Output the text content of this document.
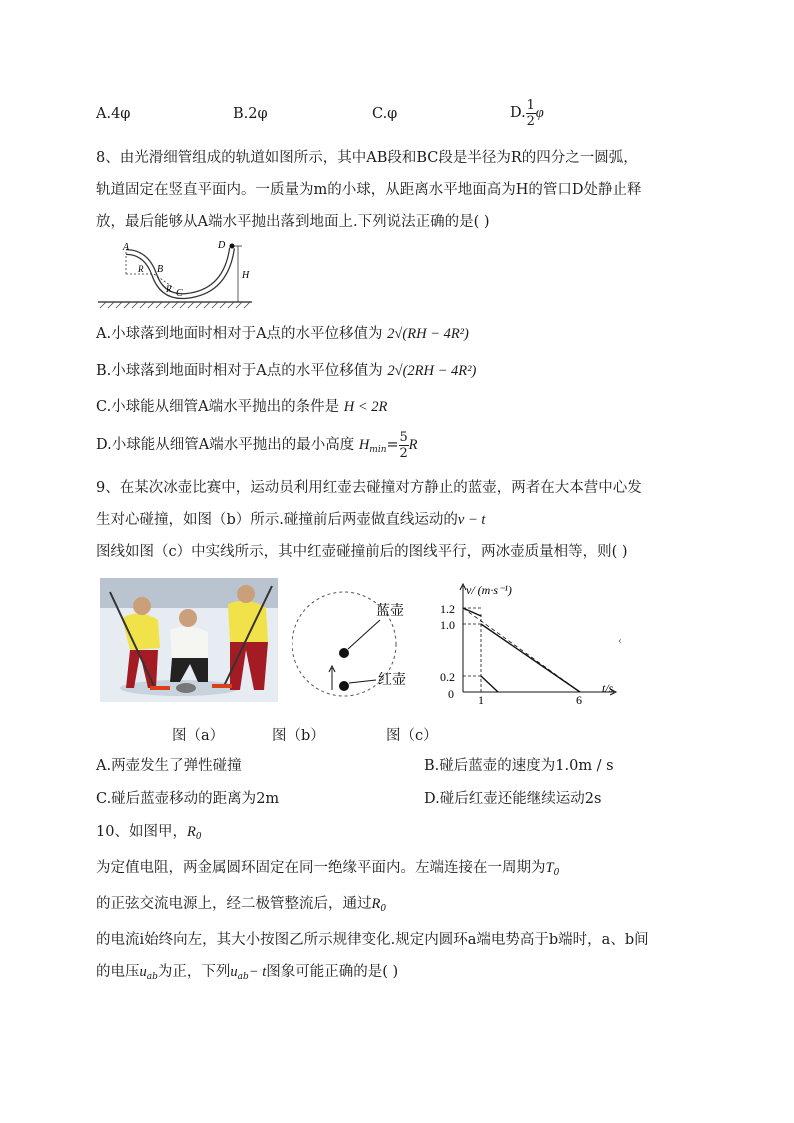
A.4φ	B.2φ	C.φ	D. $\frac{1}{2}$ φ
8、由光滑细管组成的轨道如图所示，其中AB段和BC段是半径为R的四分之一圆弧，
轨道固定在竖直平面内。一质量为m的小球，从距离水平地面高为H的管口D处静止释
放，最后能够从A端水平抛出落到地面上.下列说法正确的是( )
A
R B
R C
D
H
A.小球落到地面时相对于A点的水平位移值为 2√(RH − 4R²)
B.小球落到地面时相对于A点的水平位移值为 2√(2RH − 4R²)
C.小球能从细管A端水平抛出的条件是 H < 2R
D.小球能从细管A端水平抛出的最小高度 $H_{min}= \frac{5}{2}$ R
9、在某次冰壶比赛中，运动员利用红壶去碰撞对方静止的蓝壶，两者在大本营中心发
生对心碰撞，如图（b）所示.碰撞前后两壶做直线运动的v − t
图线如图（c）中实线所示，其中红壶碰撞前后的图线平行，两冰壶质量相等，则( )
蓝壶
红壶
v/ (m·s⁻¹)
t/s
1.2
1.0
0.2
0 1	6
‹
图（a）	图（b）	图（c）
A.两壶发生了弹性碰撞	B.碰后蓝壶的速度为1.0m / s
C.碰后蓝壶移动的距离为2m	D.碰后红壶还能继续运动2s
10、如图甲，$R_0$
为定值电阻，两金属圆环固定在同一绝缘平面内。左端连接在一周期为$T_0$
的正弦交流电源上，经二极管整流后，通过$R_0$
的电流i始终向左，其大小按图乙所示规律变化.规定内圆环a端电势高于b端时，a、b间
的电压$u_{ab}$为正，下列$u_{ab}- t$图象可能正确的是( )
